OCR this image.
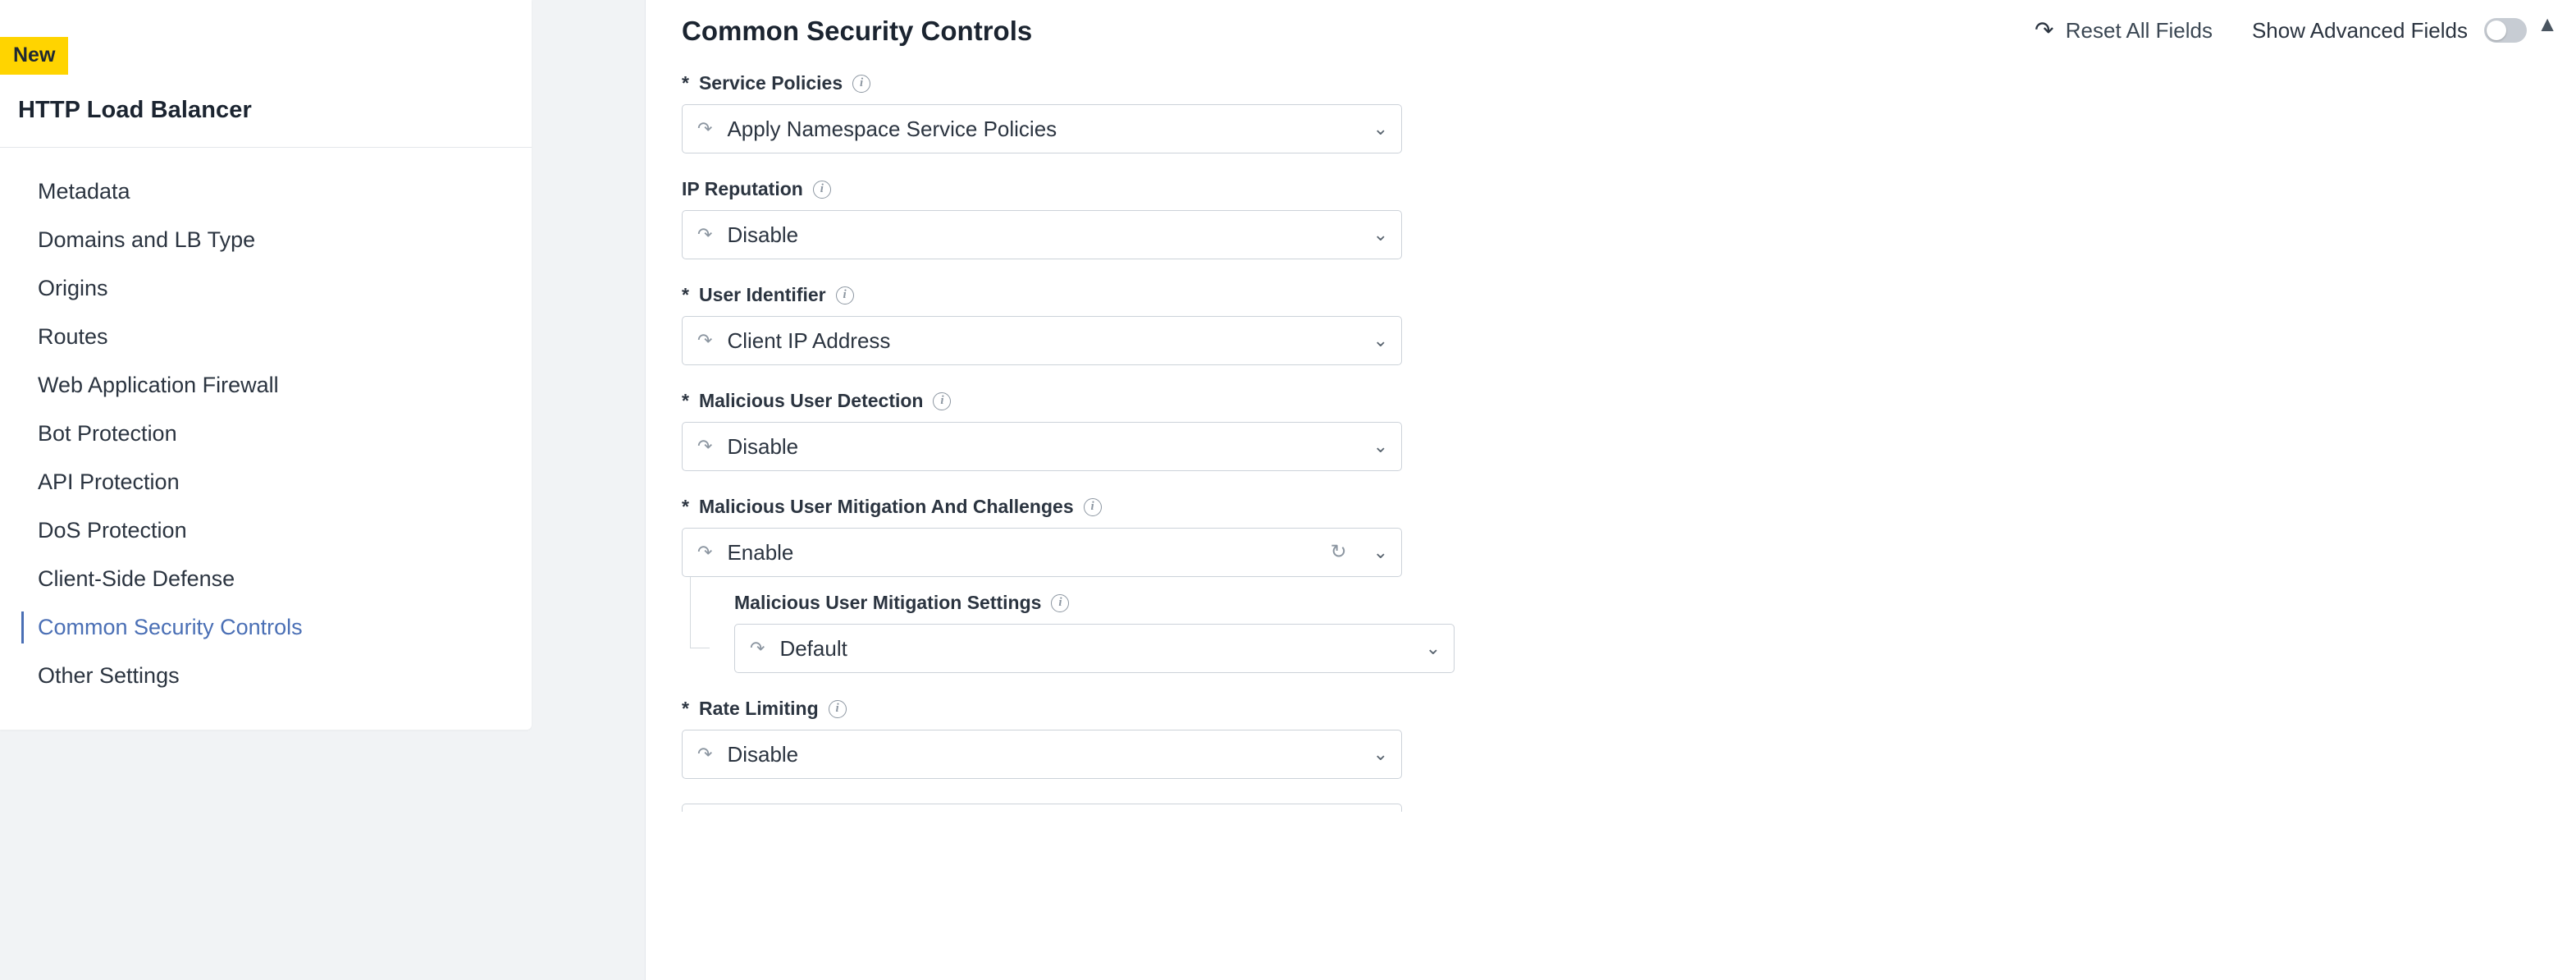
New
HTTP Load Balancer
Metadata
Domains and LB Type
Origins
Routes
Web Application Firewall
Bot Protection
API Protection
DoS Protection
Client-Side Defense
Common Security Controls
Other Settings
Common Security Controls	↶ Reset All Fields Show Advanced Fields	▲
* Service Policies	i
↷ Apply Namespace Service Policies	⌄
IP Reputation	i
↷ Disable	⌄
* User Identifier	i
↷ Client IP Address	⌄
* Malicious User Detection	i
↷ Disable	⌄
* Malicious User Mitigation And Challenges	i
↷ Enable	↻ ⌄
Malicious User Mitigation Settings	i
↷ Default	⌄
* Rate Limiting	i
↷ Disable	⌄
